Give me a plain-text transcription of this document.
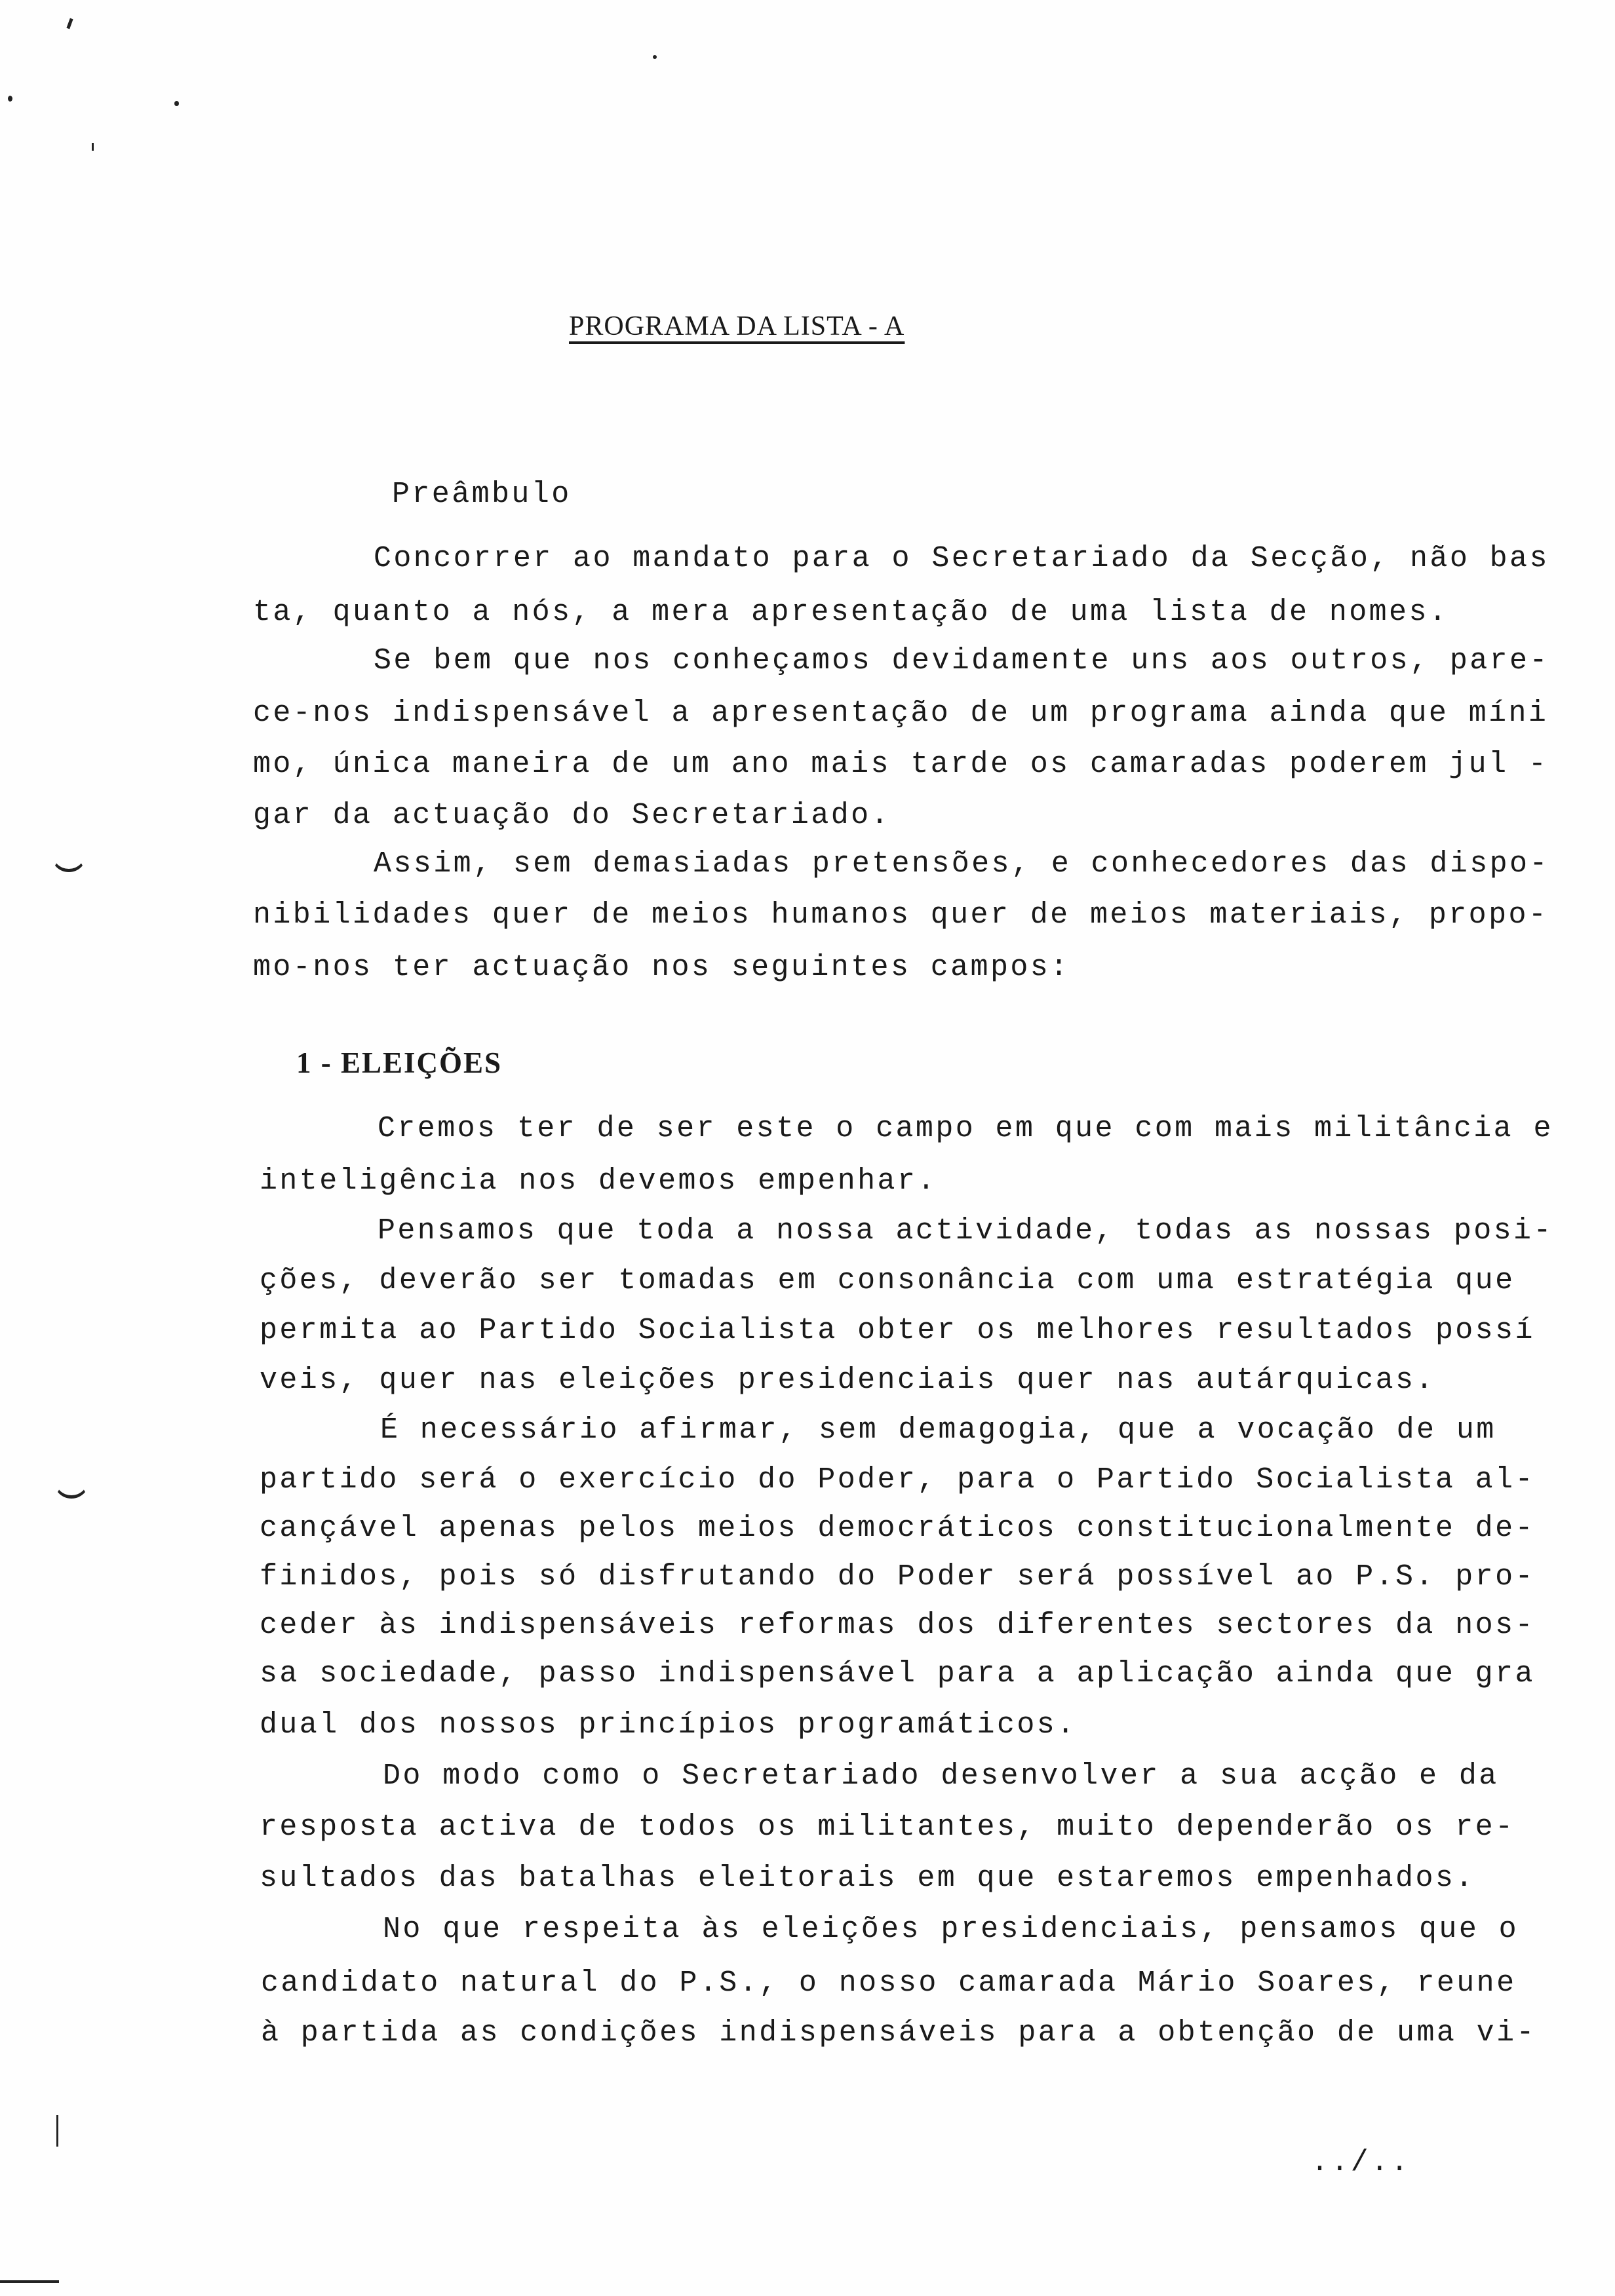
PROGRAMA DA LISTA - A
Preâmbulo
Concorrer ao mandato para o Secretariado da Secção, não bas
ta, quanto a nós, a mera apresentação de uma lista de nomes.
Se bem que nos conheçamos devidamente uns aos outros, pare-
ce-nos indispensável a apresentação de um programa ainda que míni
mo, única maneira de um ano mais tarde os camaradas poderem jul -
gar da actuação do Secretariado.
Assim, sem demasiadas pretensões, e conhecedores das dispo-
nibilidades quer de meios humanos quer de meios materiais, propo-
mo-nos ter actuação nos seguintes campos:
1 - ELEIÇÕES
Cremos ter de ser este o campo em que com mais militância e
inteligência nos devemos empenhar.
Pensamos que toda a nossa actividade, todas as nossas posi-
ções, deverão ser tomadas em consonância com uma estratégia que
permita ao Partido Socialista obter os melhores resultados possí
veis, quer nas eleições presidenciais quer nas autárquicas.
É necessário afirmar, sem demagogia, que a vocação de um
partido será o exercício do Poder, para o Partido Socialista al-
cançável apenas pelos meios democráticos constitucionalmente de-
finidos, pois só disfrutando do Poder será possível ao P.S. pro-
ceder às indispensáveis reformas dos diferentes sectores da nos-
sa sociedade, passo indispensável para a aplicação ainda que gra
dual dos nossos princípios programáticos.
Do modo como o Secretariado desenvolver a sua acção e da
resposta activa de todos os militantes, muito dependerão os re-
sultados das batalhas eleitorais em que estaremos empenhados.
No que respeita às eleições presidenciais, pensamos que o
candidato natural do P.S., o nosso camarada Mário Soares, reune
à partida as condições indispensáveis para a obtenção de uma vi-
../..
